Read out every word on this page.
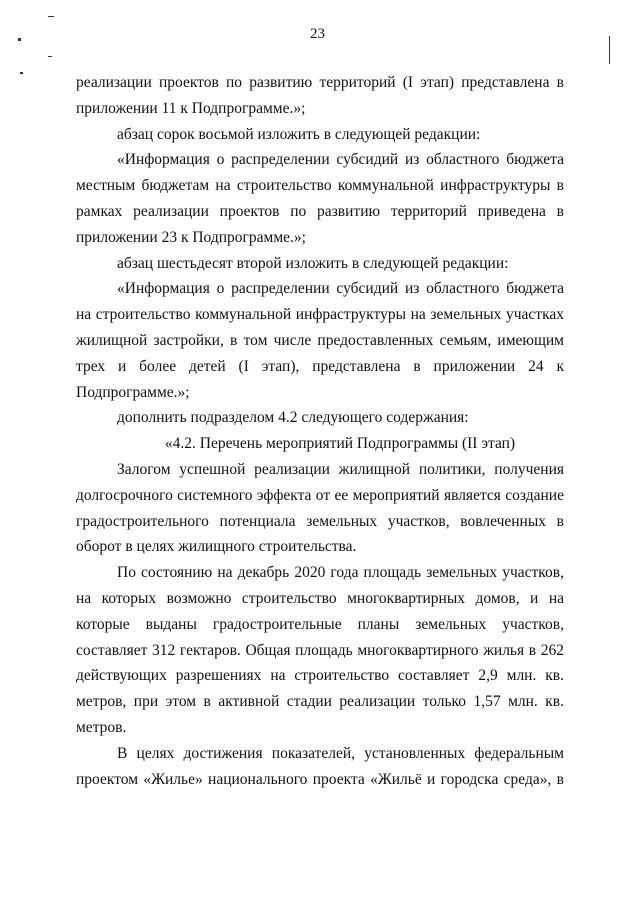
23

реализации проектов по развитию территорий (I этап) представлена в приложении 11 к Подпрограмме.»;

абзац сорок восьмой изложить в следующей редакции:

«Информация о распределении субсидий из областного бюджета местным бюджетам на строительство коммунальной инфраструктуры в рамках реализации проектов по развитию территорий приведена в приложении 23 к Подпрограмме.»;

абзац шестьдесят второй изложить в следующей редакции:

«Информация о распределении субсидий из областного бюджета на строительство коммунальной инфраструктуры на земельных участках жилищной застройки, в том числе предоставленных семьям, имеющим трех и более детей (I этап), представлена в приложении 24 к Подпрограмме.»;

дополнить подразделом 4.2 следующего содержания:

«4.2. Перечень мероприятий Подпрограммы (II этап)

Залогом успешной реализации жилищной политики, получения долгосрочного системного эффекта от ее мероприятий является создание градостроительного потенциала земельных участков, вовлеченных в оборот в целях жилищного строительства.

По состоянию на декабрь 2020 года площадь земельных участков, на которых возможно строительство многоквартирных домов, и на которые выданы градостроительные планы земельных участков, составляет 312 гектаров. Общая площадь многоквартирного жилья в 262 действующих разрешениях на строительство составляет 2,9 млн. кв. метров, при этом в активной стадии реализации только 1,57 млн. кв. метров.

В целях достижения показателей, установленных федеральным проектом «Жилье» национального проекта «Жильё и городска среда», в
